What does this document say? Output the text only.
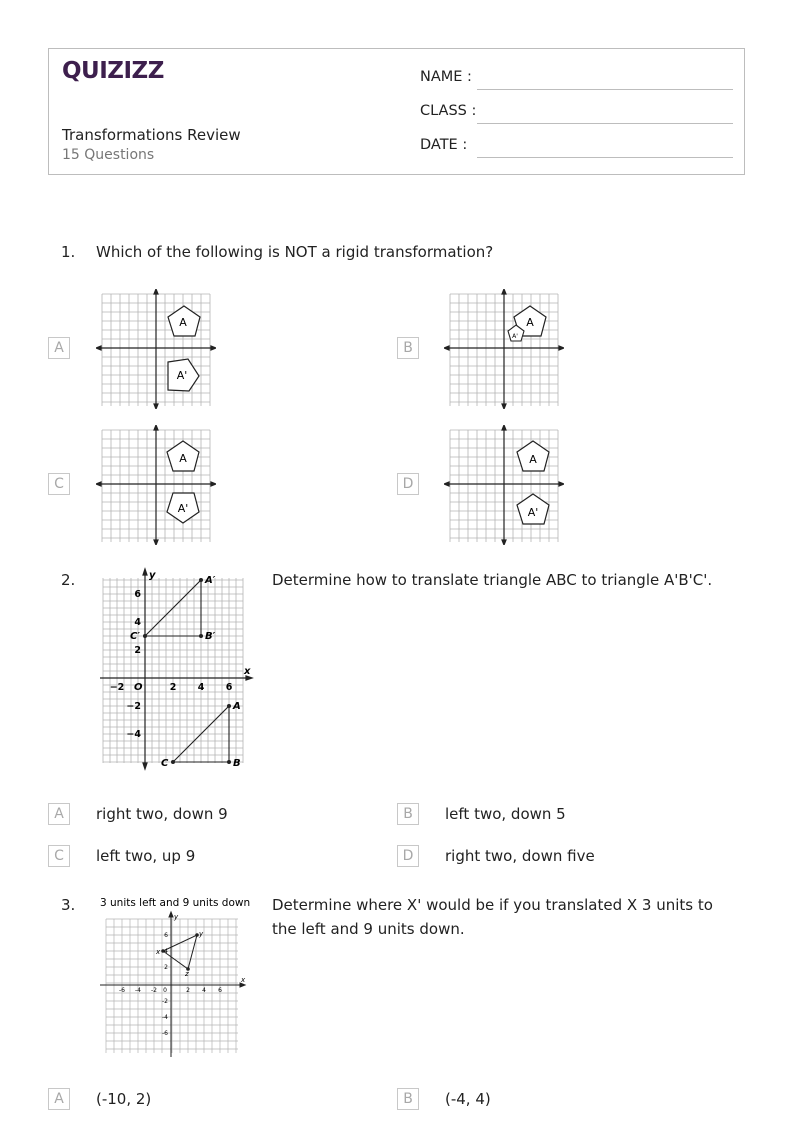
QUIZIZZ
Transformations Review
15 Questions
NAME :
CLASS :
DATE :
1. Which of the following is NOT a rigid transformation?
A
A
A'
B
A
A'
C
A
A'
D
A
A'
2.	Determine how to translate triangle ABC to triangle A'B'C'.
x
y
O
A′
B′
C′
A
B
C
−2	2 4 6
6
4
2
−2
−4
A	right two, down 9	B	left two, down 5
C	left two, up 9	D	right two, down five
3.	Determine where X' would be if you translated X 3 units to the left and 9 units down.
3 units left and 9 units down
x
y
x
y
z
0
-6 -4 -2	2 4 6
6
4
2
-2
-4
-6
A	(-10, 2)	B	(-4, 4)
